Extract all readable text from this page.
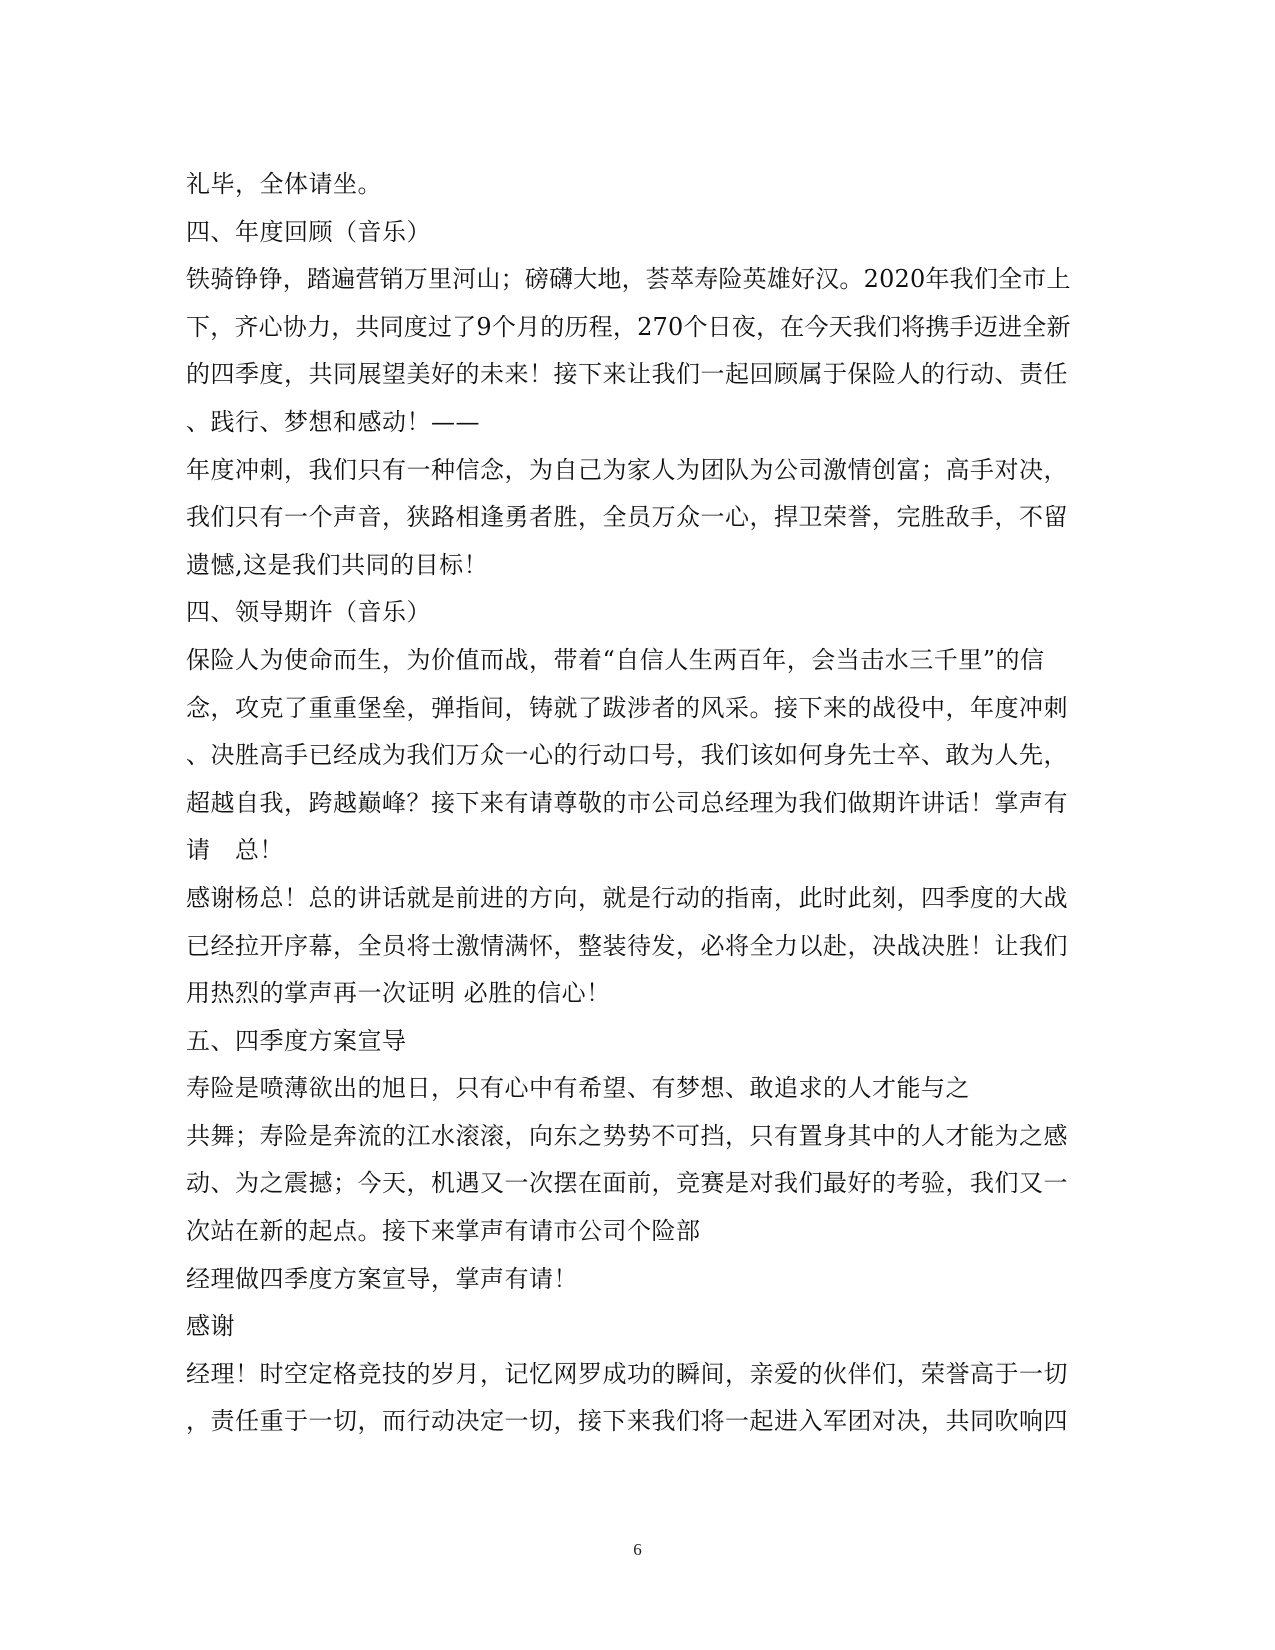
礼毕，全体请坐。
四、年度回顾（音乐）
铁骑铮铮，踏遍营销万里河山；磅礴大地，荟萃寿险英雄好汉。2020年我们全市上
下，齐心协力，共同度过了9个月的历程，270个日夜，在今天我们将携手迈进全新
的四季度，共同展望美好的未来！接下来让我们一起回顾属于保险人的行动、责任
、践行、梦想和感动！——
年度冲刺，我们只有一种信念，为自己为家人为团队为公司激情创富；高手对决，
我们只有一个声音，狭路相逢勇者胜，全员万众一心，捍卫荣誉，完胜敌手，不留
遗憾,这是我们共同的目标！
四、领导期许（音乐）
保险人为使命而生，为价值而战，带着“自信人生两百年，会当击水三千里”的信
念，攻克了重重堡垒，弹指间，铸就了跋涉者的风采。接下来的战役中，年度冲刺
、决胜高手已经成为我们万众一心的行动口号，我们该如何身先士卒、敢为人先，
超越自我，跨越巅峰？接下来有请尊敬的市公司总经理为我们做期许讲话！掌声有
请   总！
感谢杨总！总的讲话就是前进的方向，就是行动的指南，此时此刻，四季度的大战
已经拉开序幕，全员将士激情满怀，整装待发，必将全力以赴，决战决胜！让我们
用热烈的掌声再一次证明 必胜的信心！
五、四季度方案宣导
寿险是喷薄欲出的旭日，只有心中有希望、有梦想、敢追求的人才能与之
共舞；寿险是奔流的江水滚滚，向东之势势不可挡，只有置身其中的人才能为之感
动、为之震撼；今天，机遇又一次摆在面前，竞赛是对我们最好的考验，我们又一
次站在新的起点。接下来掌声有请市公司个险部
经理做四季度方案宣导，掌声有请！
感谢
经理！时空定格竞技的岁月，记忆网罗成功的瞬间，亲爱的伙伴们，荣誉高于一切
，责任重于一切，而行动决定一切，接下来我们将一起进入军团对决，共同吹响四
6
